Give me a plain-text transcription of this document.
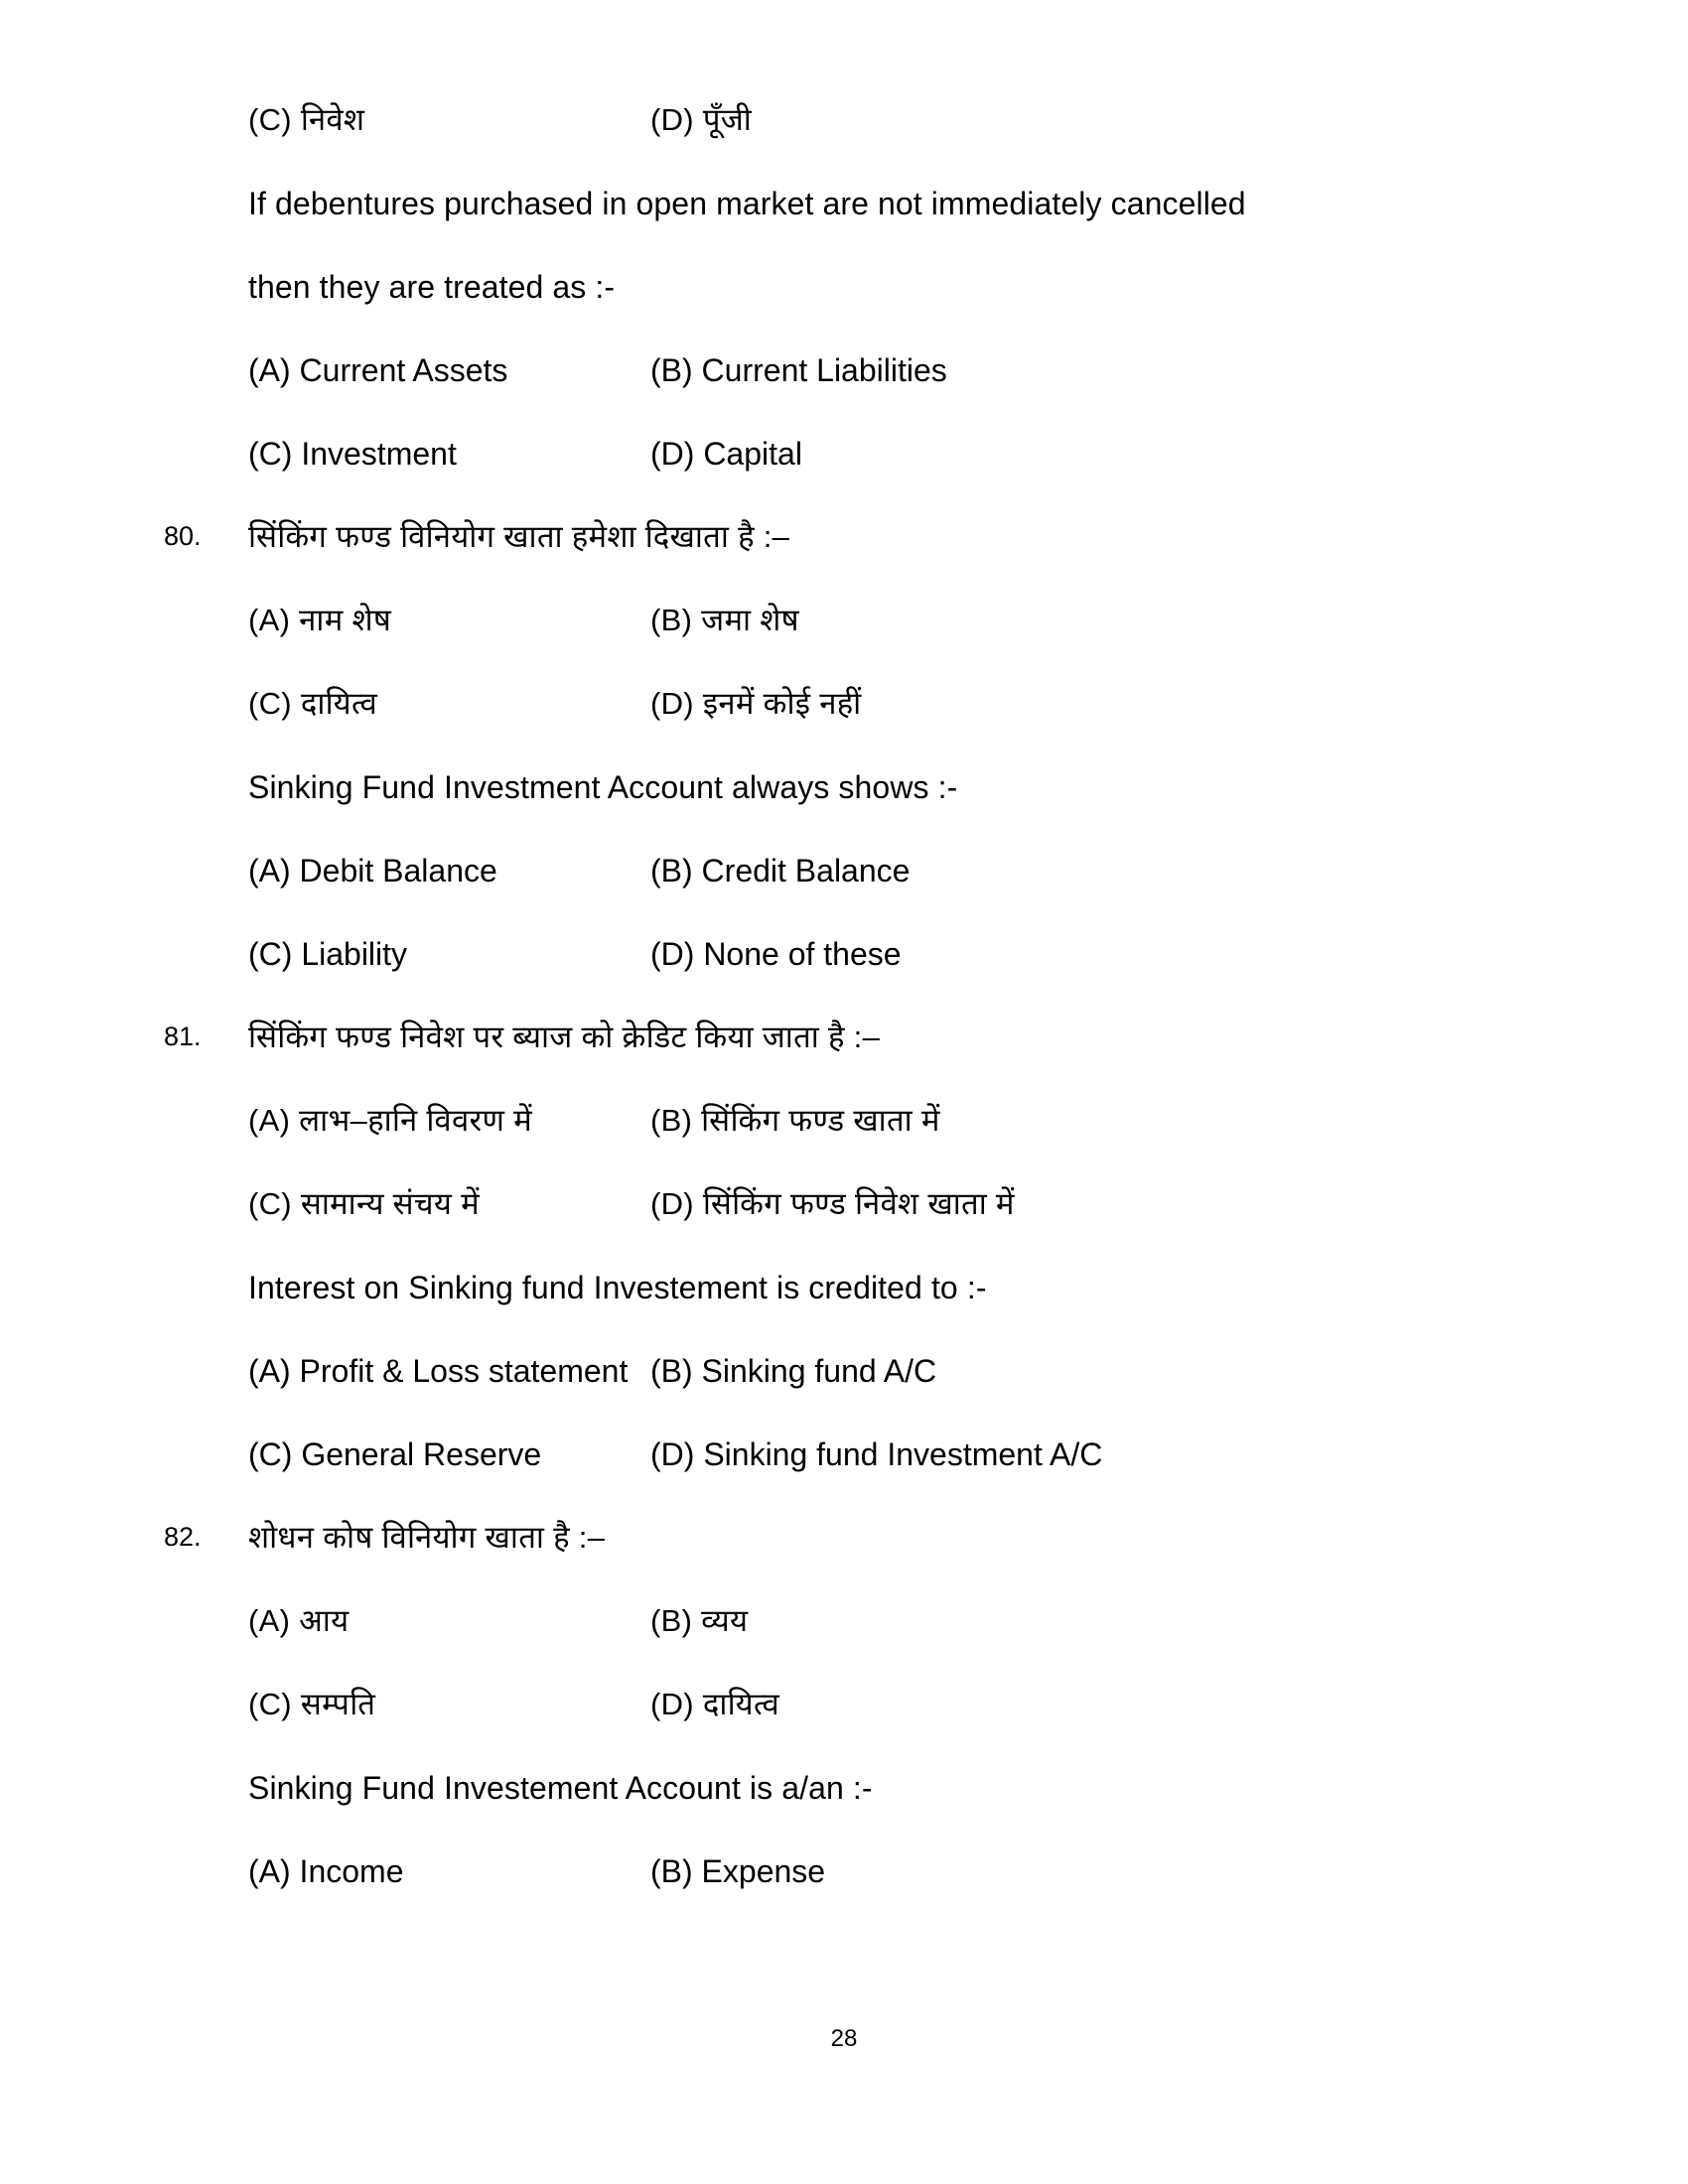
(C) निवेश	(D) पूँजी
If debentures purchased in open market are not immediately cancelled
then they are treated as :-
(A) Current Assets	(B) Current Liabilities
(C) Investment	(D) Capital
80.	सिंकिंग फण्ड विनियोग खाता हमेशा दिखाता है :–
(A) नाम शेष	(B) जमा शेष
(C) दायित्व	(D) इनमें कोई नहीं
Sinking Fund Investment Account always shows :-
(A) Debit Balance	(B) Credit Balance
(C) Liability	(D) None of these
81.	सिंकिंग फण्ड निवेश पर ब्याज को क्रेडिट किया जाता है :–
(A) लाभ–हानि विवरण में	(B) सिंकिंग फण्ड खाता में
(C) सामान्य संचय में	(D) सिंकिंग फण्ड निवेश खाता में
Interest on Sinking fund Investement is credited to :-
(A) Profit & Loss statement (B) Sinking fund A/C
(C) General Reserve	(D) Sinking fund Investment A/C
82.	शोधन कोष विनियोग खाता है :–
(A) आय	(B) व्यय
(C) सम्पति	(D) दायित्व
Sinking Fund Investement Account is a/an :-
(A) Income	(B) Expense
28
